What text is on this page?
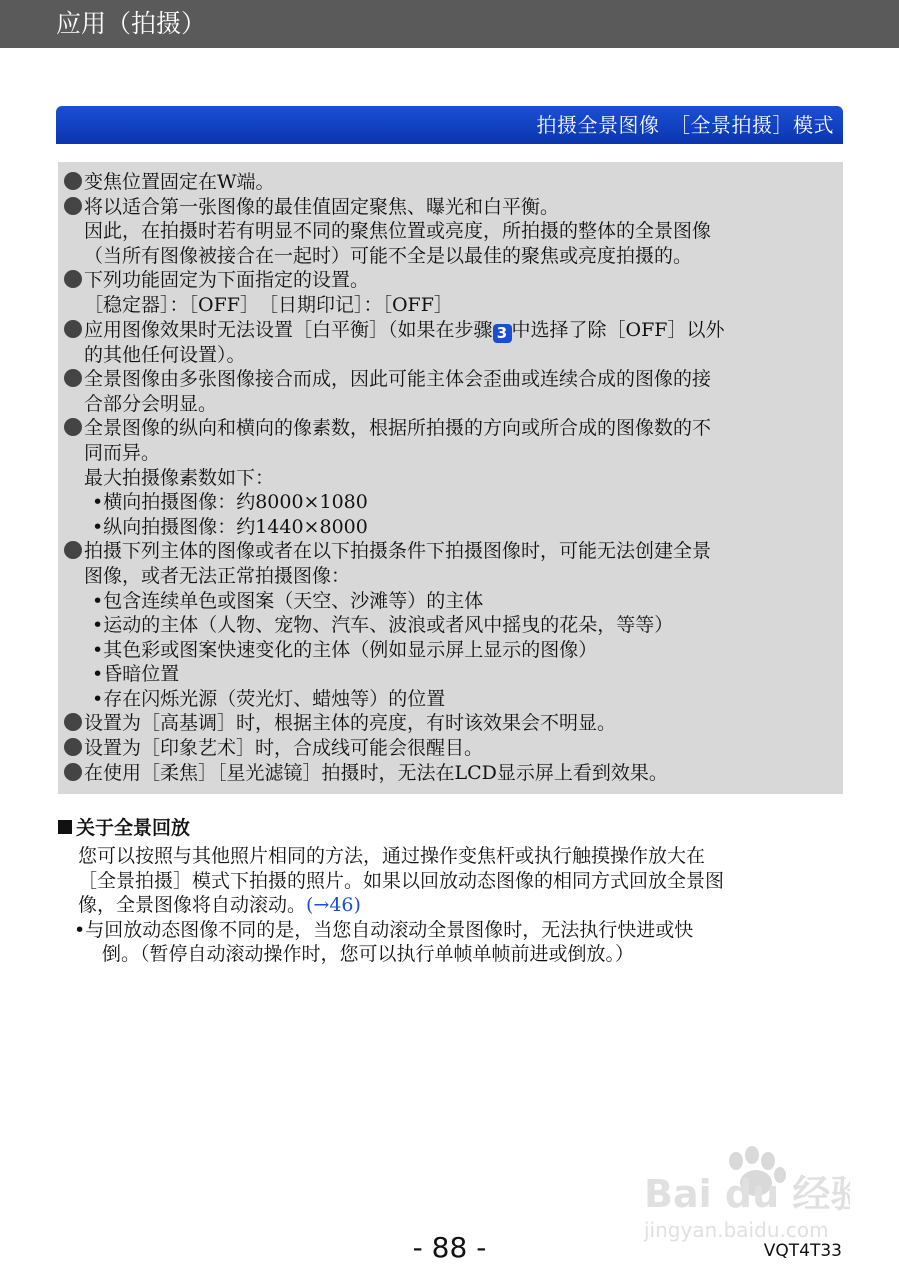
应用（拍摄）
拍摄全景图像　［全景拍摄］模式
变焦位置固定在W端。
将以适合第一张图像的最佳值固定聚焦、曝光和白平衡。
因此，在拍摄时若有明显不同的聚焦位置或亮度，所拍摄的整体的全景图像
（当所有图像被接合在一起时）可能不全是以最佳的聚焦或亮度拍摄的。
下列功能固定为下面指定的设置。
［稳定器］：［OFF］　［日期印记］：［OFF］
应用图像效果时无法设置［白平衡］（如果在步骤 3 中选择了除［OFF］以外
的其他任何设置）。
全景图像由多张图像接合而成，因此可能主体会歪曲或连续合成的图像的接
合部分会明显。
全景图像的纵向和横向的像素数，根据所拍摄的方向或所合成的图像数的不
同而异。
最大拍摄像素数如下：
•横向拍摄图像：约8000×1080
•纵向拍摄图像：约1440×8000
拍摄下列主体的图像或者在以下拍摄条件下拍摄图像时，可能无法创建全景
图像，或者无法正常拍摄图像：
•包含连续单色或图案（天空、沙滩等）的主体
•运动的主体（人物、宠物、汽车、波浪或者风中摇曳的花朵，等等）
•其色彩或图案快速变化的主体（例如显示屏上显示的图像）
•昏暗位置
•存在闪烁光源（荧光灯、蜡烛等）的位置
设置为［高基调］时，根据主体的亮度，有时该效果会不明显。
设置为［印象艺术］时，合成线可能会很醒目。
在使用［柔焦］［星光滤镜］拍摄时，无法在LCD显示屏上看到效果。
关于全景回放
您可以按照与其他照片相同的方法，通过操作变焦杆或执行触摸操作放大在
［全景拍摄］模式下拍摄的照片。如果以回放动态图像的相同方式回放全景图
像，全景图像将自动滚动。(→46)
•与回放动态图像不同的是，当您自动滚动全景图像时，无法执行快进或快
倒。（暂停自动滚动操作时，您可以执行单帧单帧前进或倒放。）
Bai du 经验
jingyan.baidu.com
- 88 -	VQT4T33
